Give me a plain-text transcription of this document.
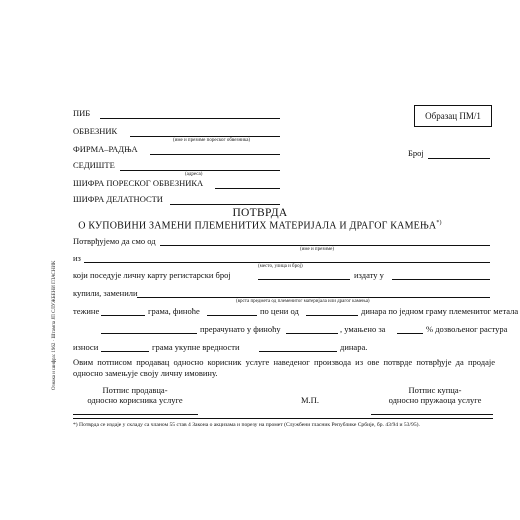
ПИБ
ОБВЕЗНИК
(име и презиме пореског обвезника)
ФИРМА–РАДЊА
СЕДИШТЕ
(адреса)
ШИФРА ПОРЕСКОГ ОБВЕЗНИКА
ШИФРА ДЕЛАТНОСТИ
Образац ПМ/1
Број
ПОТВРДА
О КУПОВИНИ ЗАМЕНИ ПЛЕМЕНИТИХ МАТЕРИЈАЛА И ДРАГОГ КАМЕЊА*)
Потврђујемо да смо од
(име и презиме)
из
(место, улица и број)
који поседује личну карту регистарски број	издату у
купили, заменили
(врста предмета од племенитог материјала или драгог камења)
тежине	грама, финоће	по цени од	динара по једном граму племенитог метала
прерачунато у финоћу	, умањено за	% дозвољеног растура
износи	грама укупне вредности	динара.
Овим потписом продавац односно корисник услуге наведеног производа из ове потврде потврђује да продаје односно замењује своју личну имовину.
Потпис продавца-
односно корисника услуге	М.П.
Потпис купца-
односно пружаоца услуге
*) Потврда се издаје у складу са чланом 55 став 4 Закона о акцизама и порезу на промет (Службени гласник Републике Србије, бр. 43/94 и 53/95).
Ознака и шифра: 1962 · Штампа ЈП СЛУЖБЕНИ ГЛАСНИК
